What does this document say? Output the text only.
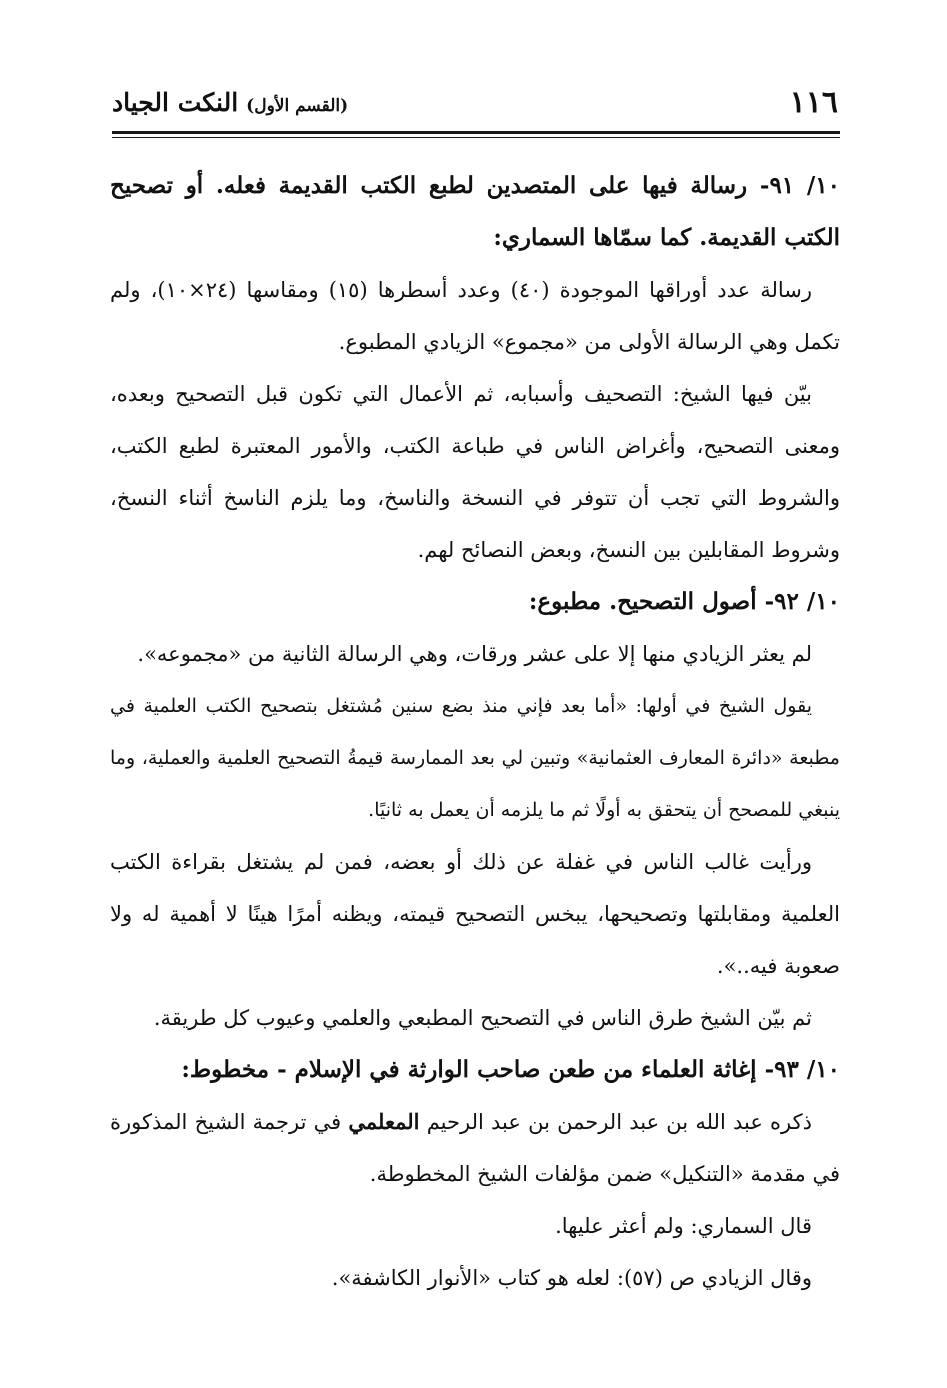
١١٦
(القسم الأول)
النكت الجياد

١٠/ ٩١- رسالة فيها على المتصدين لطبع الكتب القديمة فعله. أو تصحيح الكتب القديمة. كما سمّاها السماري:

رسالة عدد أوراقها الموجودة (٤٠) وعدد أسطرها (١٥) ومقاسها (٢٤×١٠)، ولم تكمل وهي الرسالة الأولى من «مجموع» الزيادي المطبوع.

بيّن فيها الشيخ: التصحيف وأسبابه، ثم الأعمال التي تكون قبل التصحيح وبعده، ومعنى التصحيح، وأغراض الناس في طباعة الكتب، والأمور المعتبرة لطبع الكتب، والشروط التي تجب أن تتوفر في النسخة والناسخ، وما يلزم الناسخ أثناء النسخ، وشروط المقابلين بين النسخ، وبعض النصائح لهم.

١٠/ ٩٢- أصول التصحيح. مطبوع:

لم يعثر الزيادي منها إلا على عشر ورقات، وهي الرسالة الثانية من «مجموعه».

يقول الشيخ في أولها: «أما بعد فإني منذ بضع سنين مُشتغل بتصحيح الكتب العلمية في مطبعة «دائرة المعارف العثمانية» وتبين لي بعد الممارسة قيمةُ التصحيح العلمية والعملية، وما ينبغي للمصحح أن يتحقق به أولًا ثم ما يلزمه أن يعمل به ثانيًا.

ورأيت غالب الناس في غفلة عن ذلك أو بعضه، فمن لم يشتغل بقراءة الكتب العلمية ومقابلتها وتصحيحها، يبخس التصحيح قيمته، ويظنه أمرًا هينًا لا أهمية له ولا صعوبة فيه..».

ثم بيّن الشيخ طرق الناس في التصحيح المطبعي والعلمي وعيوب كل طريقة.

١٠/ ٩٣- إغاثة العلماء من طعن صاحب الوارثة في الإسلام - مخطوط:

ذكره عبد الله بن عبد الرحمن بن عبد الرحيم المعلمي في ترجمة الشيخ المذكورة في مقدمة «التنكيل» ضمن مؤلفات الشيخ المخطوطة.

قال السماري: ولم أعثر عليها.

وقال الزيادي ص (٥٧): لعله هو كتاب «الأنوار الكاشفة».
